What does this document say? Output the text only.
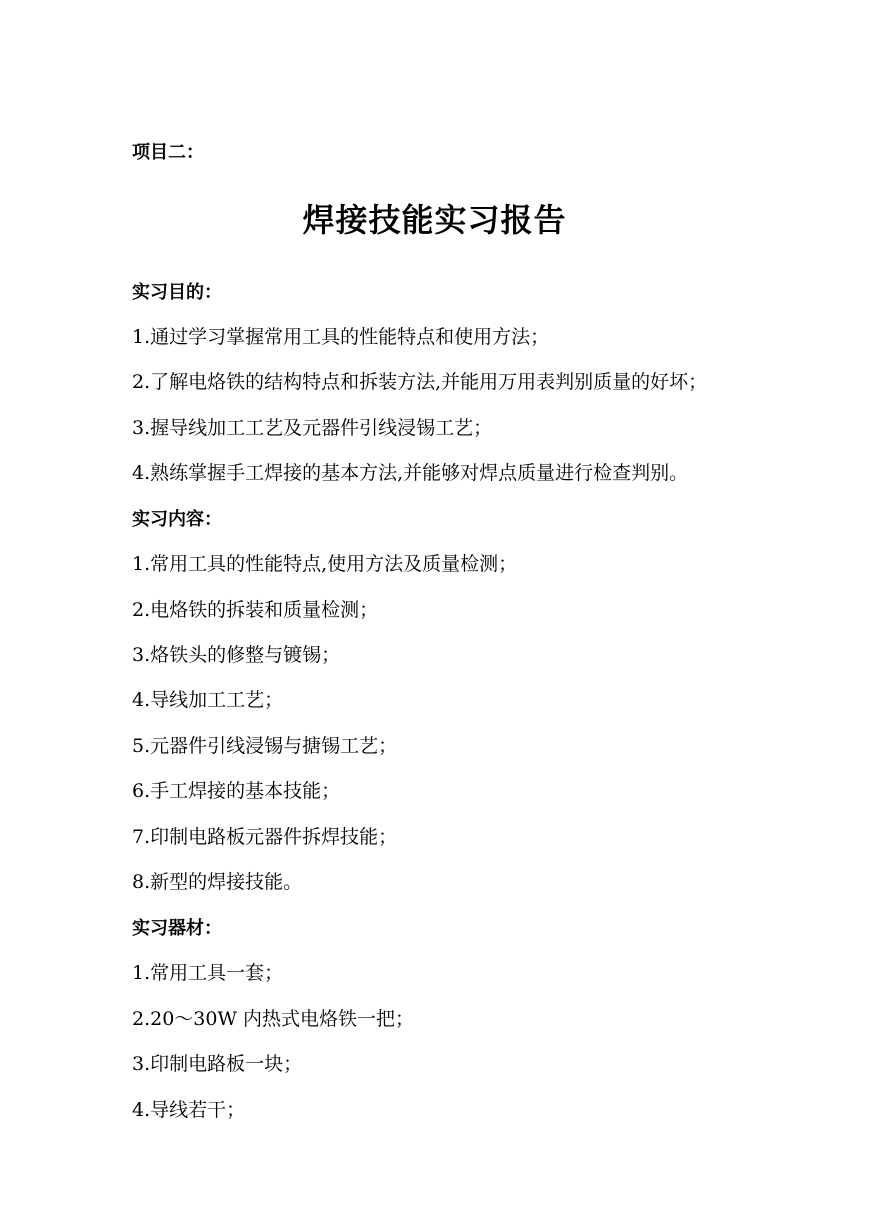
项目二：
焊接技能实习报告
实习目的：
1.通过学习掌握常用工具的性能特点和使用方法；
2.了解电烙铁的结构特点和拆装方法,并能用万用表判别质量的好坏；
3.握导线加工工艺及元器件引线浸锡工艺；
4.熟练掌握手工焊接的基本方法,并能够对焊点质量进行检查判别。
实习内容：
1.常用工具的性能特点,使用方法及质量检测；
2.电烙铁的拆装和质量检测；
3.烙铁头的修整与镀锡；
4.导线加工工艺；
5.元器件引线浸锡与搪锡工艺；
6.手工焊接的基本技能；
7.印制电路板元器件拆焊技能；
8.新型的焊接技能。
实习器材：
1.常用工具一套；
2.20～30W 内热式电烙铁一把；
3.印制电路板一块；
4.导线若干；
